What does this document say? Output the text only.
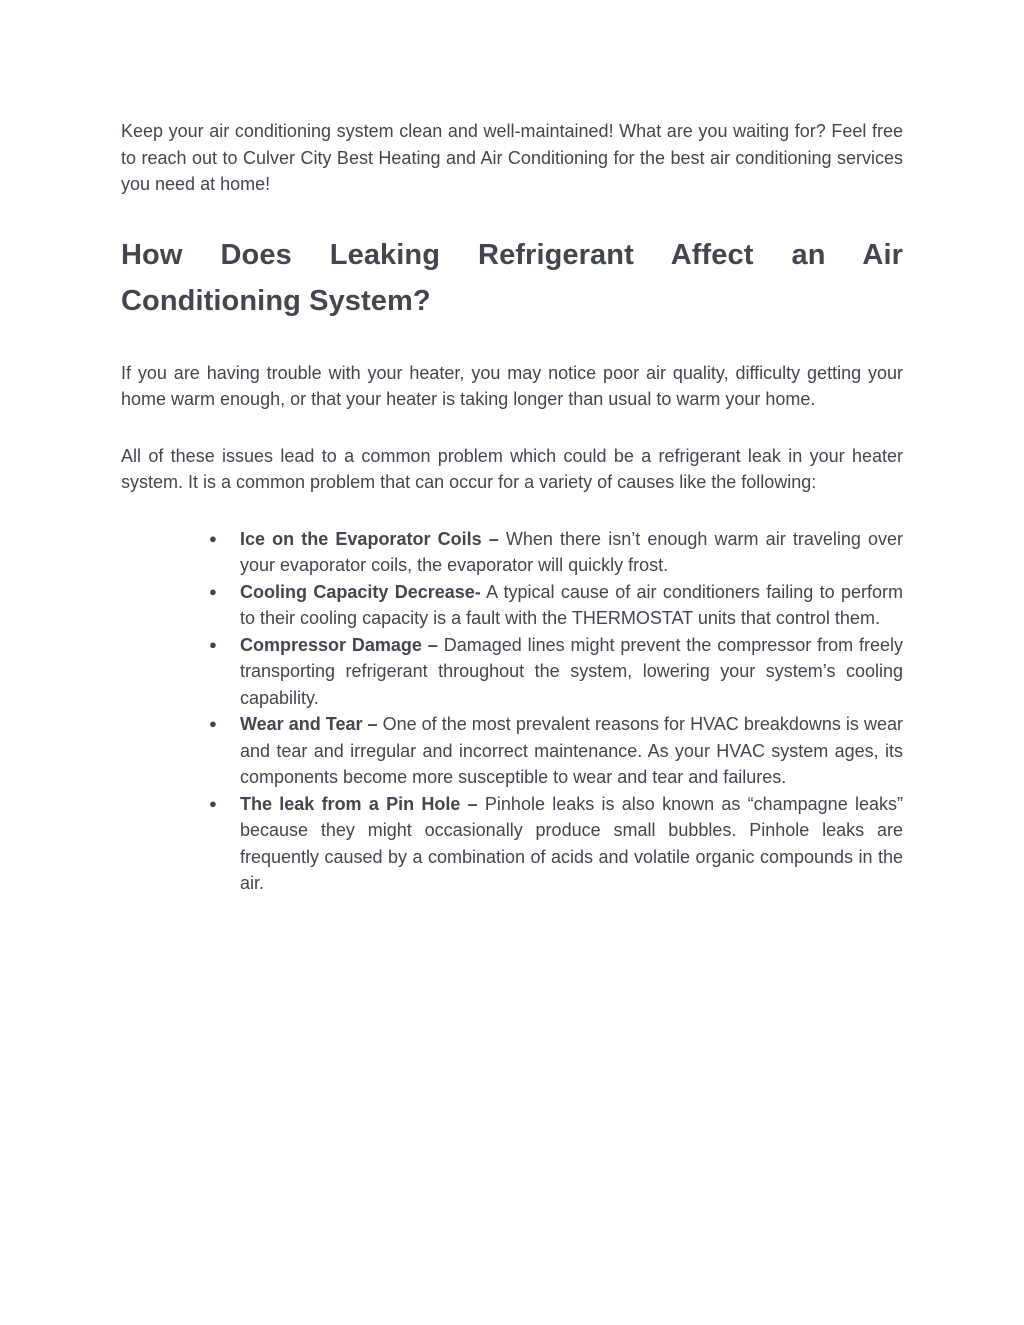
Keep your air conditioning system clean and well-maintained! What are you waiting for? Feel free to reach out to Culver City Best Heating and Air Conditioning for the best air conditioning services you need at home!

How Does Leaking Refrigerant Affect an Air Conditioning System?

If you are having trouble with your heater, you may notice poor air quality, difficulty getting your home warm enough, or that your heater is taking longer than usual to warm your home.

All of these issues lead to a common problem which could be a refrigerant leak in your heater system. It is a common problem that can occur for a variety of causes like the following:

● Ice on the Evaporator Coils – When there isn’t enough warm air traveling over your evaporator coils, the evaporator will quickly frost.
● Cooling Capacity Decrease- A typical cause of air conditioners failing to perform to their cooling capacity is a fault with the THERMOSTAT units that control them.
● Compressor Damage – Damaged lines might prevent the compressor from freely transporting refrigerant throughout the system, lowering your system’s cooling capability.
● Wear and Tear – One of the most prevalent reasons for HVAC breakdowns is wear and tear and irregular and incorrect maintenance. As your HVAC system ages, its components become more susceptible to wear and tear and failures.
● The leak from a Pin Hole – Pinhole leaks is also known as “champagne leaks” because they might occasionally produce small bubbles. Pinhole leaks are frequently caused by a combination of acids and volatile organic compounds in the air.
